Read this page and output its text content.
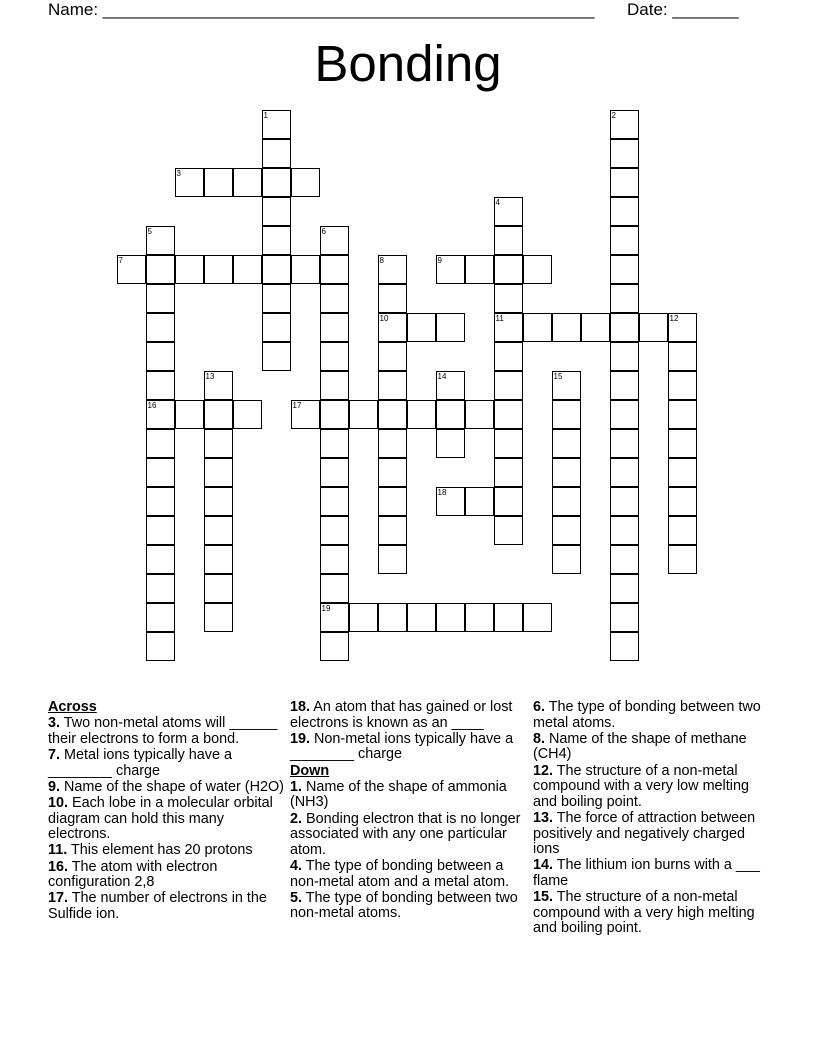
Name: ____________________________________________________ Date: _______
Bonding
1	2
3
4
5	6
7	8	9
10	11	12
13	14	15
16	17
18
19
Across
3. Two non-metal atoms will ______ their electrons to form a bond.
7. Metal ions typically have a ________ charge
9. Name of the shape of water (H2O)
10. Each lobe in a molecular orbital diagram can hold this many electrons.
11. This element has 20 protons
16. The atom with electron configuration 2,8
17. The number of electrons in the Sulfide ion.
18. An atom that has gained or lost electrons is known as an ____
19. Non-metal ions typically have a ________ charge
Down
1. Name of the shape of ammonia (NH3)
2. Bonding electron that is no longer associated with any one particular atom.
4. The type of bonding between a non-metal atom and a metal atom.
5. The type of bonding between two non-metal atoms.
6. The type of bonding between two metal atoms.
8. Name of the shape of methane (CH4)
12. The structure of a non-metal compound with a very low melting and boiling point.
13. The force of attraction between positively and negatively charged ions
14. The lithium ion burns with a ___ flame
15. The structure of a non-metal compound with a very high melting and boiling point.
